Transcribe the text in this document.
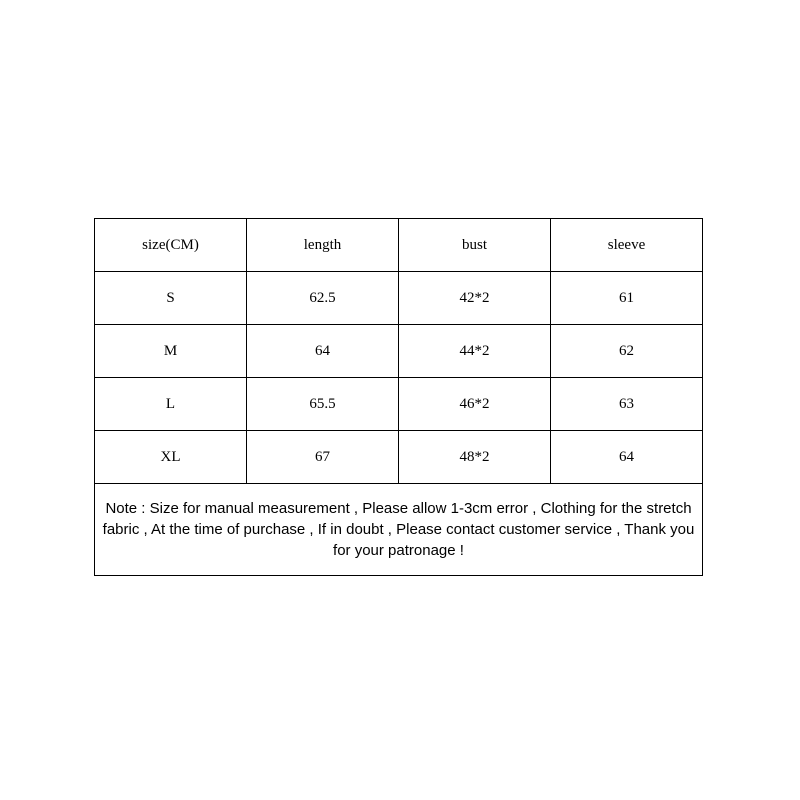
size(CM)	length	bust	sleeve
S	62.5	42*2	61
M	64	44*2	62
L	65.5	46*2	63
XL	67	48*2	64
Note : Size for manual measurement , Please allow 1-3cm error , Clothing for the stretch fabric , At the time of purchase , If in doubt , Please contact customer service , Thank you for your patronage !			
